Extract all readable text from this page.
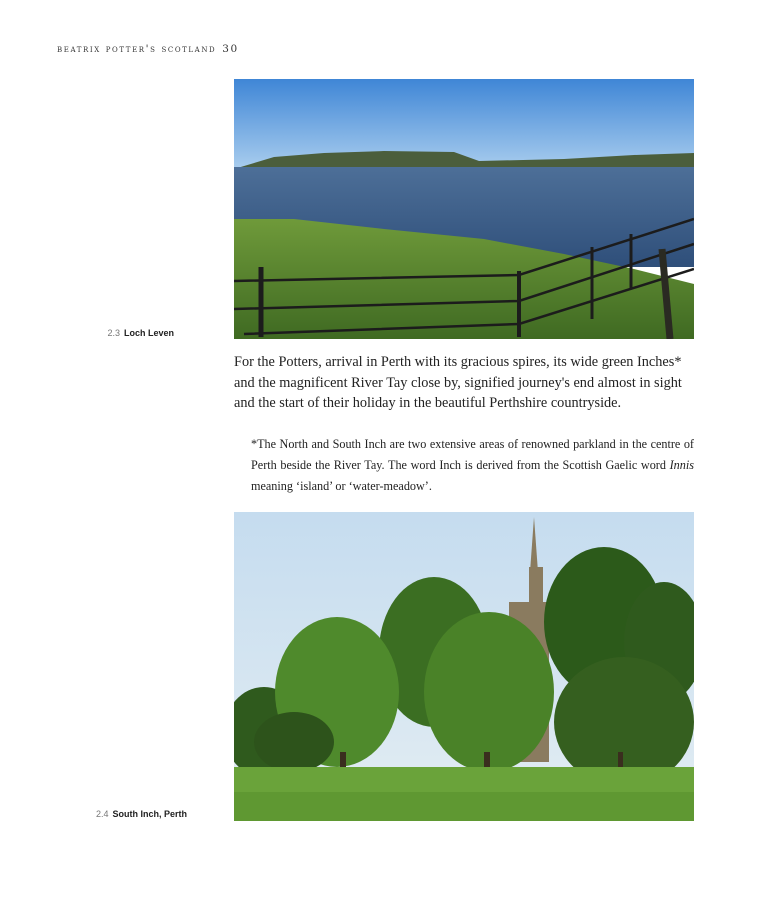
beatrix potter's scotland 30
2.3 Loch Leven
For the Potters, arrival in Perth with its gracious spires, its wide green Inches* and the magnificent River Tay close by, signified journey's end almost in sight and the start of their holiday in the beautiful Perthshire countryside.
*The North and South Inch are two extensive areas of renowned parkland in the centre of Perth beside the River Tay. The word Inch is derived from the Scottish Gaelic word Innis meaning ‘island’ or ‘water-meadow’.
2.4 South Inch, Perth
